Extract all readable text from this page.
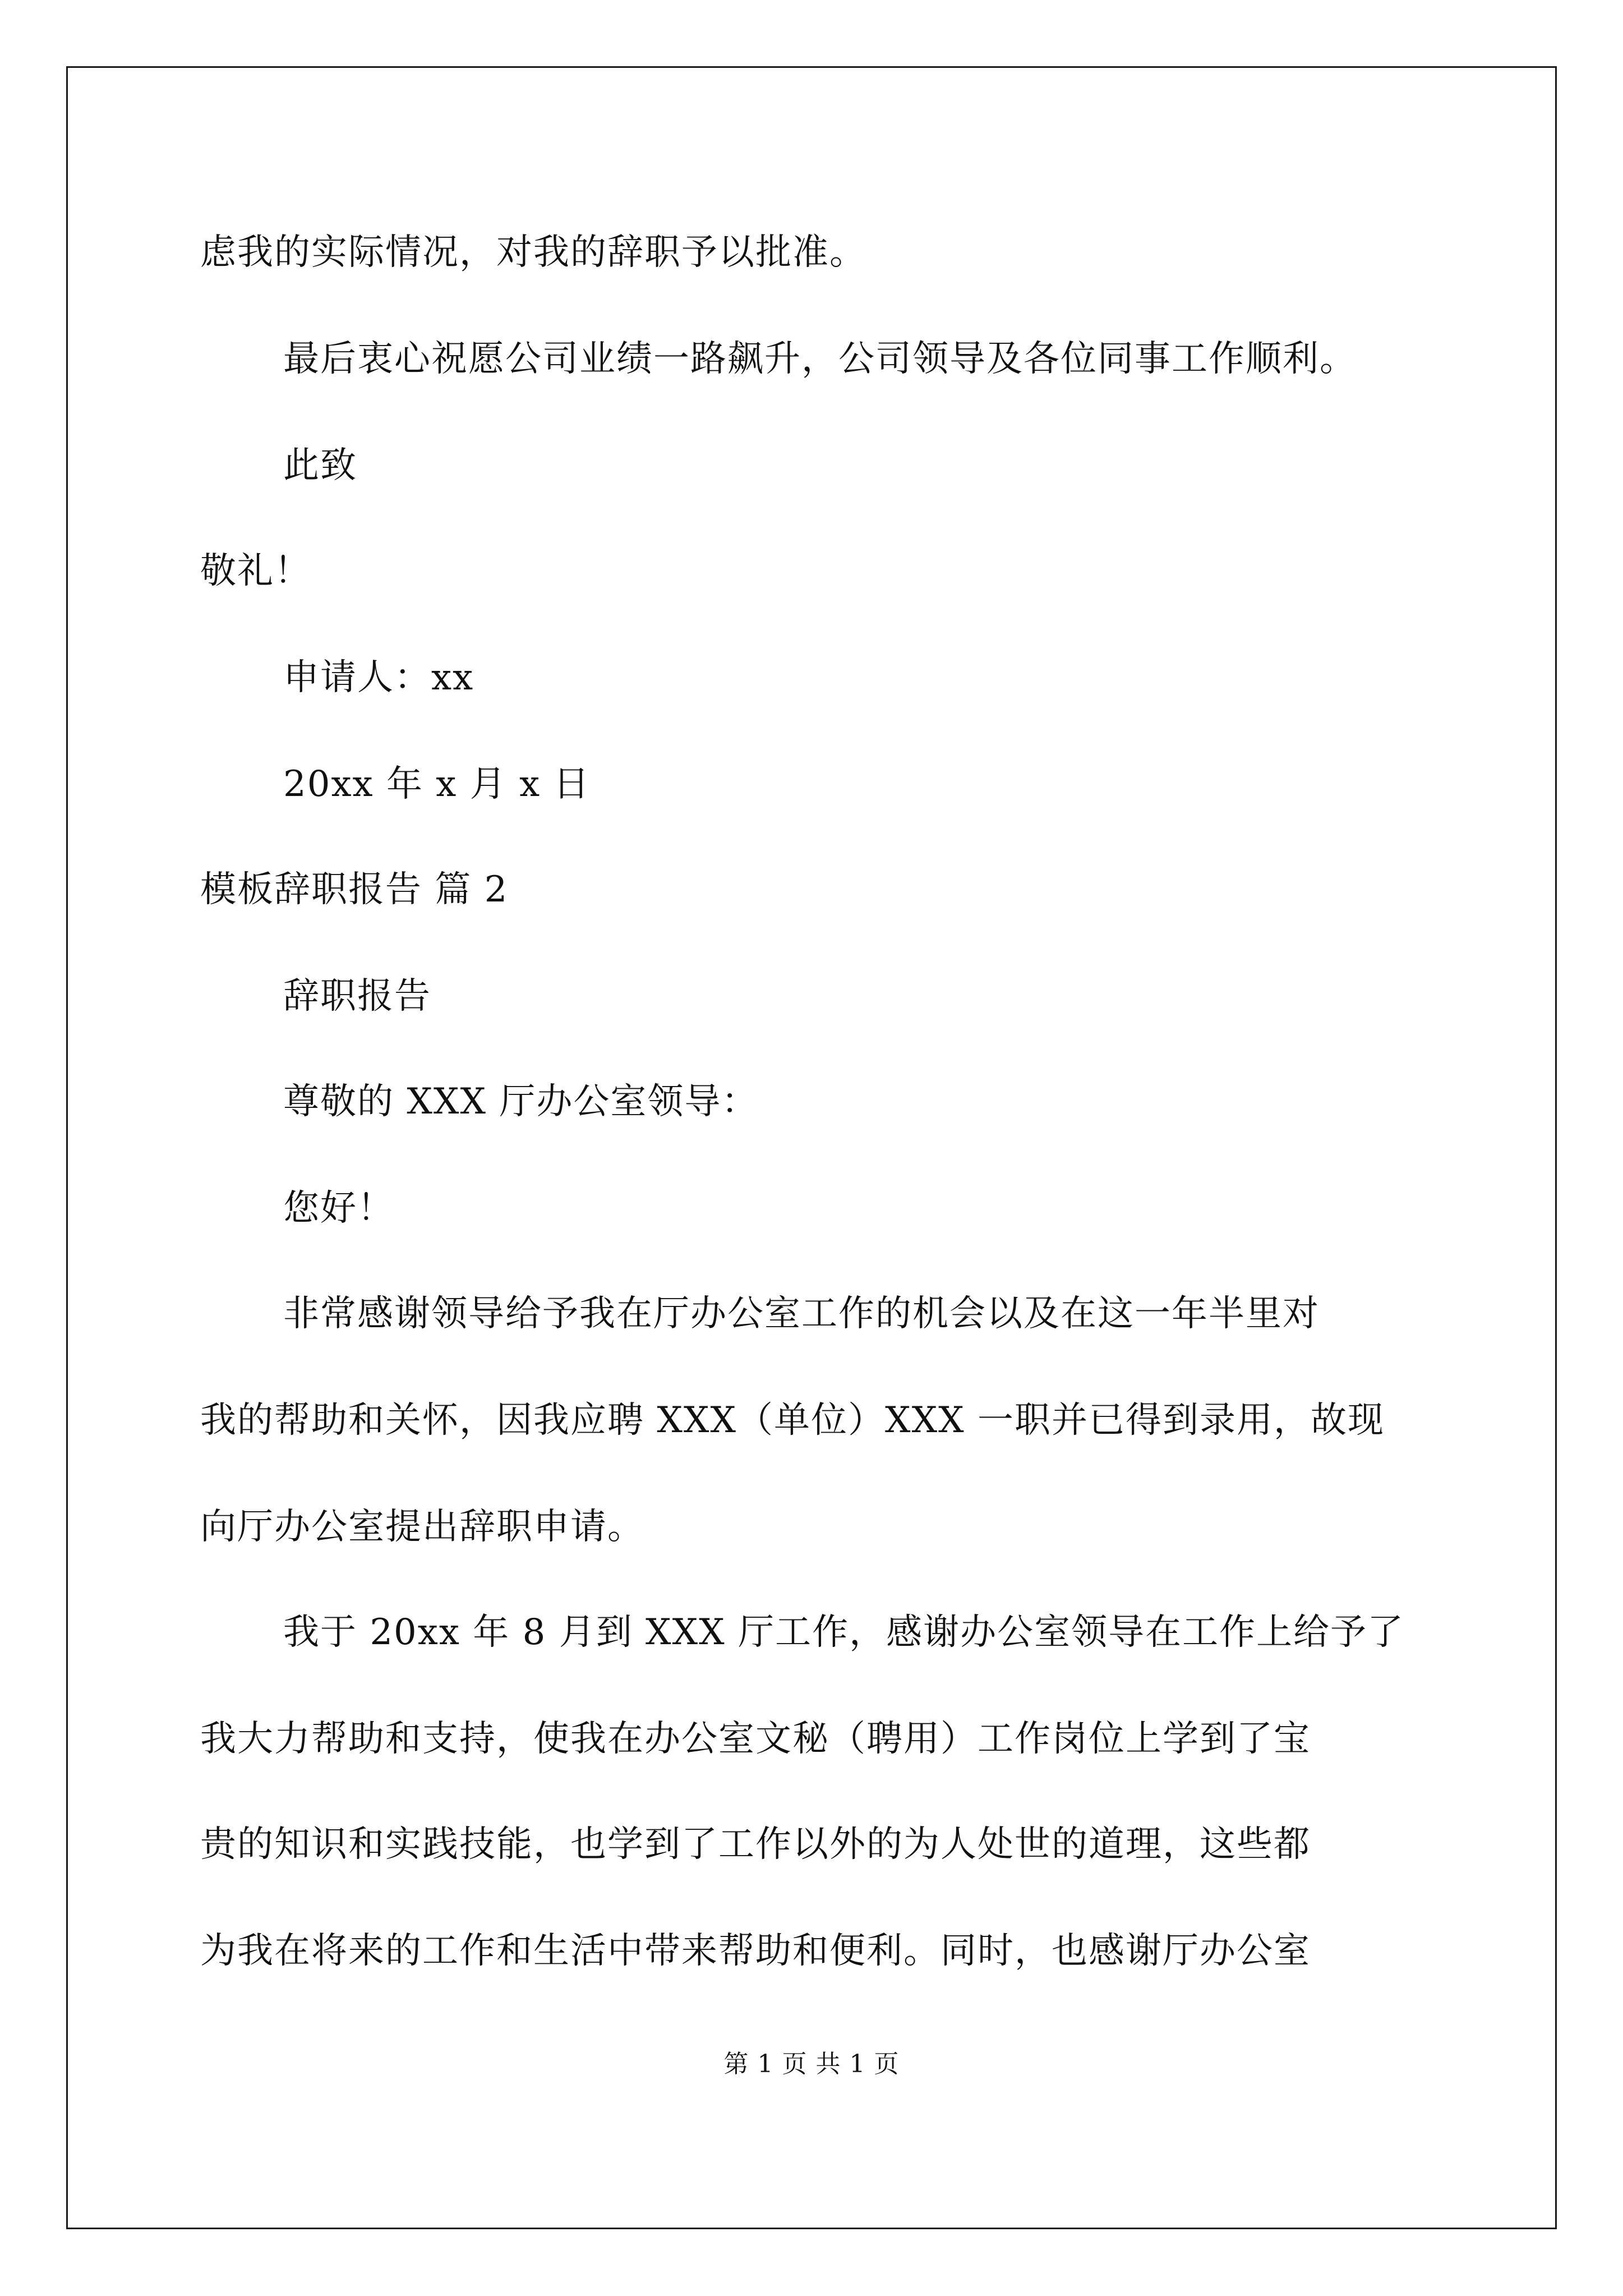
虑我的实际情况，对我的辞职予以批准。
最后衷心祝愿公司业绩一路飙升，公司领导及各位同事工作顺利。
此致
敬礼！
申请人：xx
20xx 年 x 月 x 日
模板辞职报告 篇 2
辞职报告
尊敬的 XXX 厅办公室领导：
您好！
非常感谢领导给予我在厅办公室工作的机会以及在这一年半里对
我的帮助和关怀，因我应聘 XXX（单位）XXX 一职并已得到录用，故现
向厅办公室提出辞职申请。
我于 20xx 年 8 月到 XXX 厅工作，感谢办公室领导在工作上给予了
我大力帮助和支持，使我在办公室文秘（聘用）工作岗位上学到了宝
贵的知识和实践技能，也学到了工作以外的为人处世的道理，这些都
为我在将来的工作和生活中带来帮助和便利。同时，也感谢厅办公室
第 1 页 共 1 页
